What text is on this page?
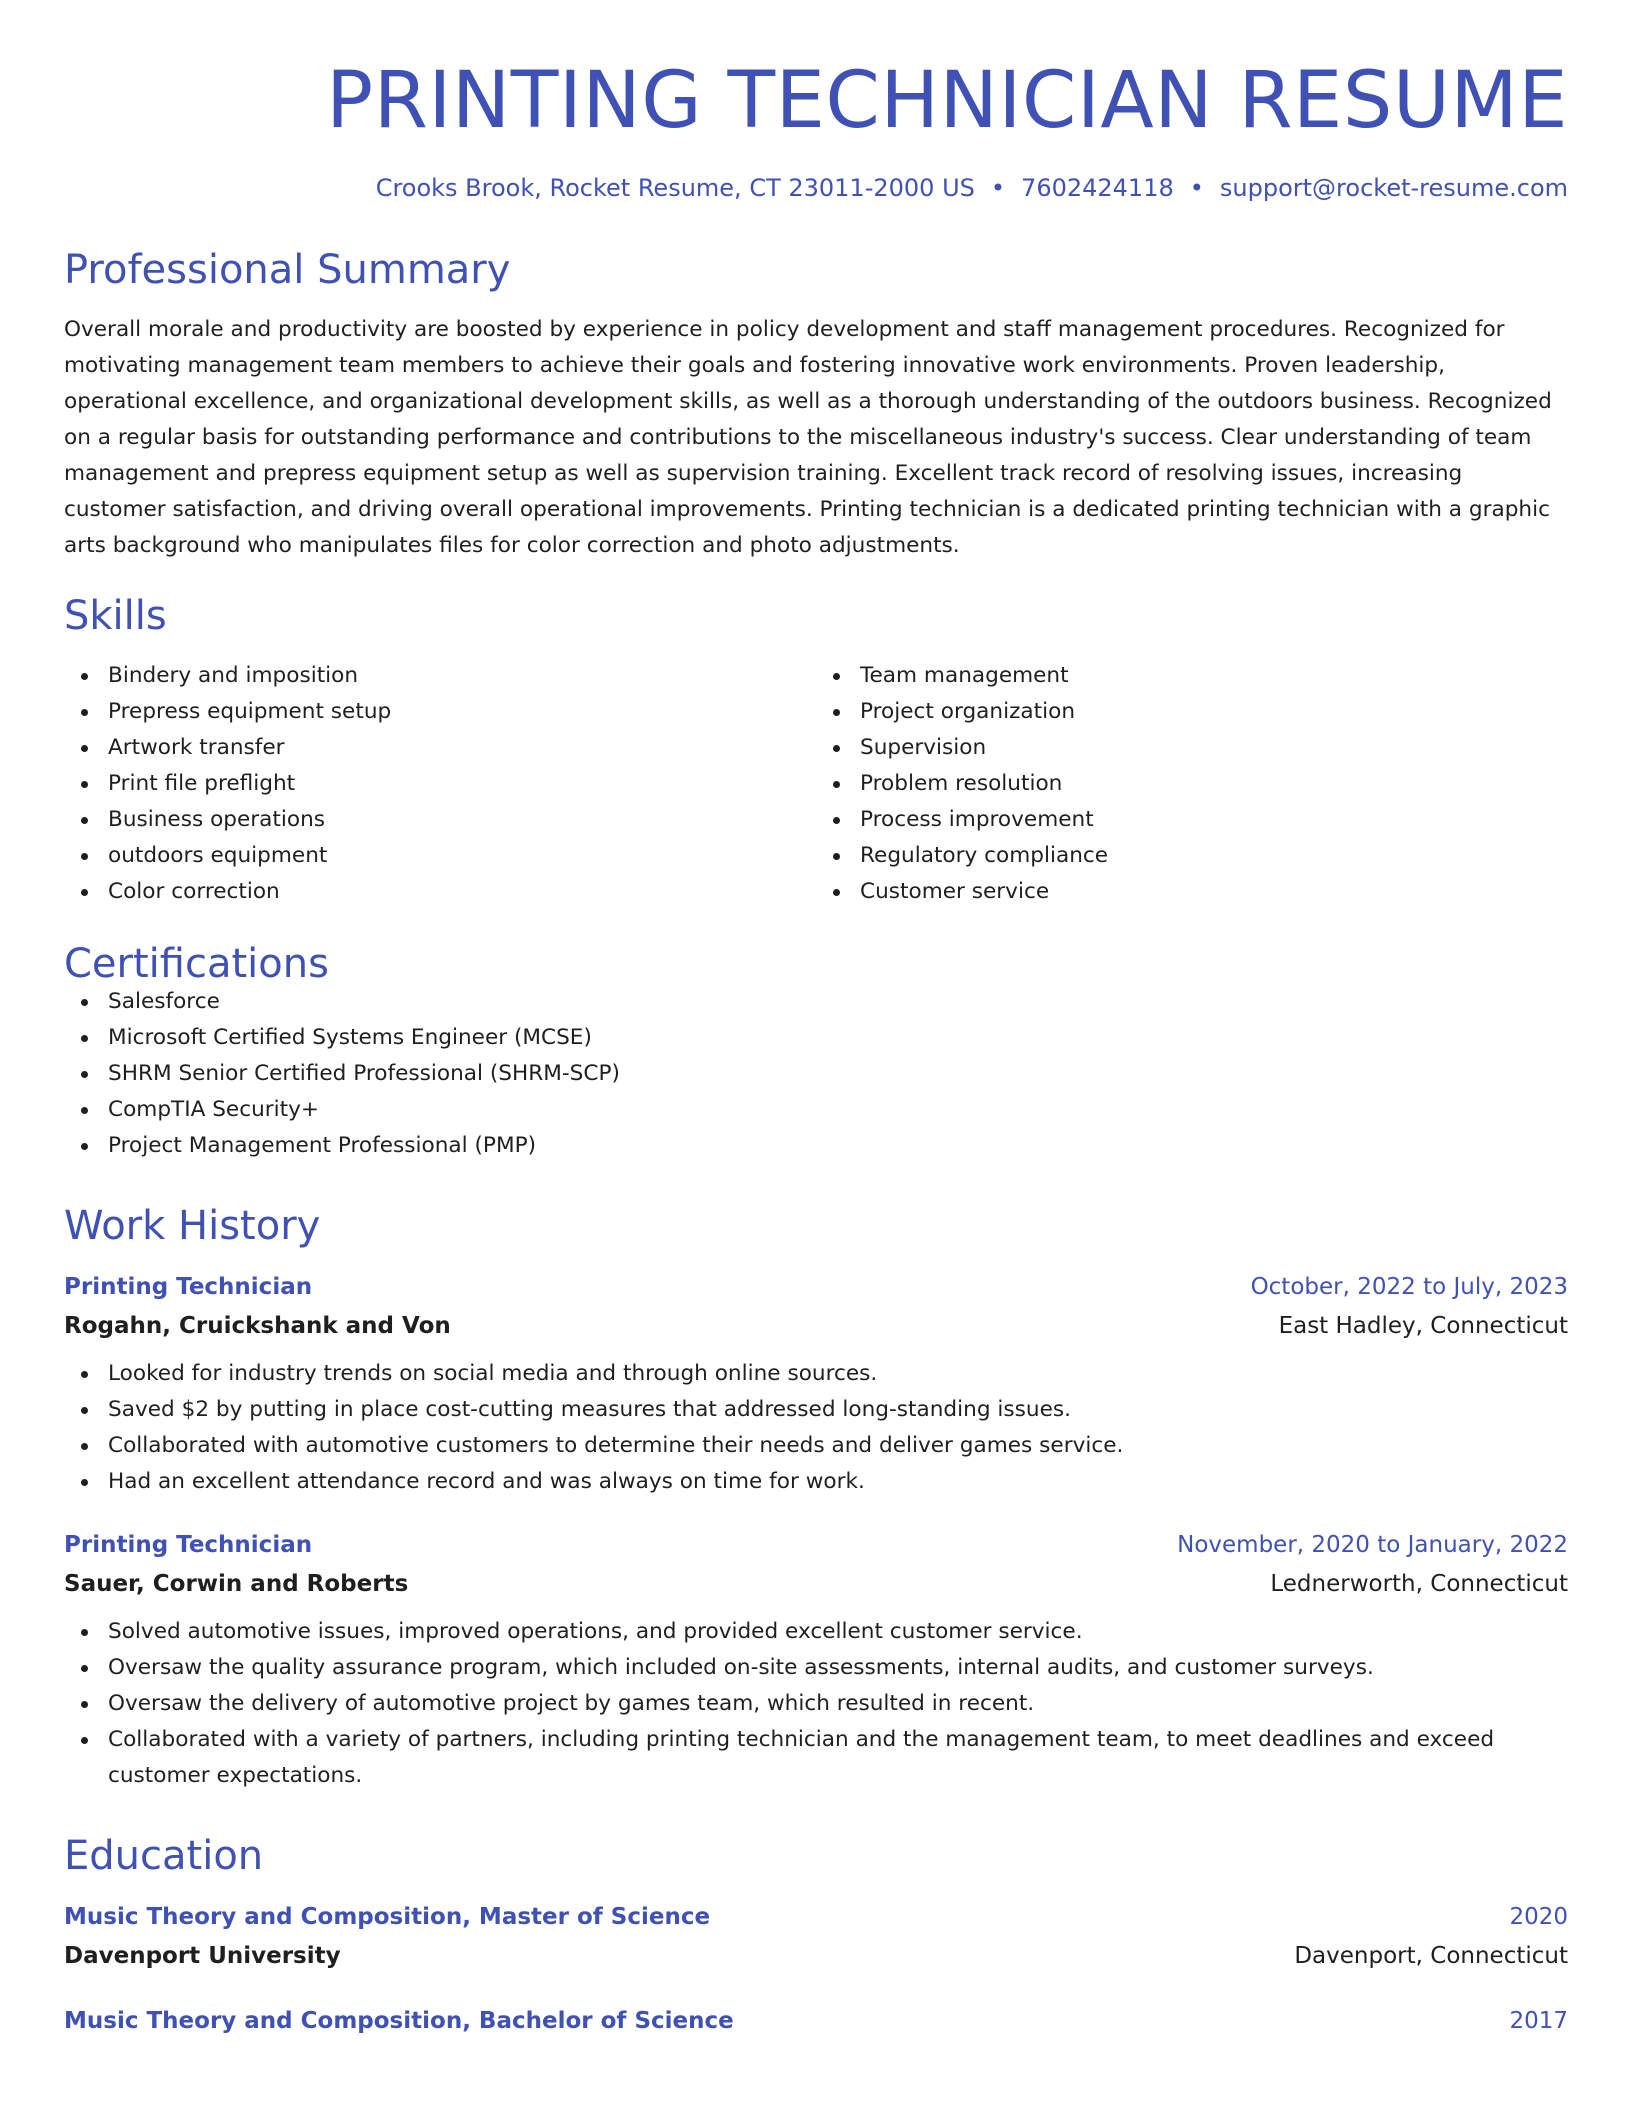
PRINTING TECHNICIAN RESUME
Crooks Brook, Rocket Resume, CT 23011-2000 US • 7602424118 • support@rocket-resume.com
Professional Summary

Overall morale and productivity are boosted by experience in policy development and staff management procedures. Recognized for motivating management team members to achieve their goals and fostering innovative work environments. Proven leadership, operational excellence, and organizational development skills, as well as a thorough understanding of the outdoors business. Recognized on a regular basis for outstanding performance and contributions to the miscellaneous industry's success. Clear understanding of team management and prepress equipment setup as well as supervision training. Excellent track record of resolving issues, increasing customer satisfaction, and driving overall operational improvements. Printing technician is a dedicated printing technician with a graphic arts background who manipulates files for color correction and photo adjustments.

Skills
Bindery and imposition
Prepress equipment setup
Artwork transfer
Print file preflight
Business operations
outdoors equipment
Color correction
Team management
Project organization
Supervision
Problem resolution
Process improvement
Regulatory compliance
Customer service
Certifications
Salesforce
Microsoft Certified Systems Engineer (MCSE)
SHRM Senior Certified Professional (SHRM-SCP)
CompTIA Security+
Project Management Professional (PMP)
Work History
Printing Technician	October, 2022 to July, 2023
Rogahn, Cruickshank and Von	East Hadley, Connecticut
Looked for industry trends on social media and through online sources.
Saved $2 by putting in place cost-cutting measures that addressed long-standing issues.
Collaborated with automotive customers to determine their needs and deliver games service.
Had an excellent attendance record and was always on time for work.
Printing Technician	November, 2020 to January, 2022
Sauer, Corwin and Roberts	Lednerworth, Connecticut
Solved automotive issues, improved operations, and provided excellent customer service.
Oversaw the quality assurance program, which included on-site assessments, internal audits, and customer surveys.
Oversaw the delivery of automotive project by games team, which resulted in recent.
Collaborated with a variety of partners, including printing technician and the management team, to meet deadlines and exceed customer expectations.
Education
Music Theory and Composition, Master of Science	2020
Davenport University	Davenport, Connecticut
Music Theory and Composition, Bachelor of Science	2017
